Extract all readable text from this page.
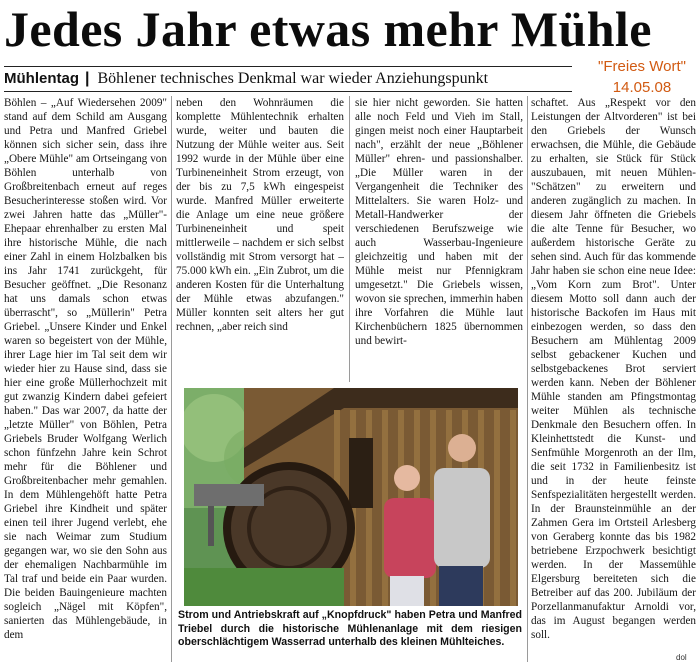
Jedes Jahr etwas mehr Mühle
"Freies Wort"
14.05.08
Mühlentag | Böhlener technisches Denkmal war wieder Anziehungspunkt

Böhlen – „Auf Wiedersehen 2009" stand auf dem Schild am Ausgang und Petra und Manfred Griebel können sich sicher sein, dass ihre „Obere Mühle" am Ortseingang von Böhlen unterhalb von Großbreitenbach erneut auf reges Besucherinteresse stoßen wird. Vor zwei Jahren hatte das „Müller"-Ehepaar ehrenhalber zu ersten Mal ihre historische Mühle, die nach einer Zahl in einem Holzbalken bis ins Jahr 1741 zurückgeht, für Besucher geöffnet. „Die Resonanz hat uns damals schon etwas überrascht", so „Müllerin" Petra Griebel. „Unsere Kinder und Enkel waren so begeistert von der Mühle, ihrer Lage hier im Tal seit dem wir wieder hier zu Hause sind, dass sie hier eine große Müllerhochzeit mit gut zwanzig Kindern dabei gefeiert haben." Das war 2007, da hatte der „letzte Müller" von Böhlen, Petra Griebels Bruder Wolfgang Werlich schon fünfzehn Jahre kein Schrot mehr für die Böhlener und Großbreitenbacher mehr gemahlen. In dem Mühlengehöft hatte Petra Griebel ihre Kindheit und später einen teil ihrer Jugend verlebt, ehe sie nach Weimar zum Studium gegangen war, wo sie den Sohn aus der ehemaligen Nachbarmühle im Tal traf und beide ein Paar wurden. Die beiden Bauingenieure machten sogleich „Nägel mit Köpfen", sanierten das Mühlengebäude, in dem

neben den Wohnräumen die komplette Mühlentechnik erhalten wurde, weiter und bauten die Nutzung der Mühle weiter aus. Seit 1992 wurde in der Mühle über eine Turbineneinheit Strom erzeugt, von der bis zu 7,5 kWh eingespeist wurde. Manfred Müller erweiterte die Anlage um eine neue größere Turbineneinheit und speit mittlerweile – nachdem er sich selbst vollständig mit Strom versorgt hat – 75.000 kWh ein. „Ein Zubrot, um die anderen Kosten für die Unterhaltung der Mühle etwas abzufangen." Müller konnten seit alters her gut rechnen, „aber reich sind

sie hier nicht geworden. Sie hatten alle noch Feld und Vieh im Stall, gingen meist noch einer Hauptarbeit nach", erzählt der neue „Böhlener Müller" ehren- und passionshalber. „Die Müller waren in der Vergangenheit die Techniker des Mittelalters. Sie waren Holz- und Metall-Handwerker der verschiedenen Berufszweige wie auch Wasserbau-Ingenieure gleichzeitig und haben mit der Mühle meist nur Pfennigkram umgesetzt." Die Griebels wissen, wovon sie sprechen, immerhin haben ihre Vorfahren die Mühle laut Kirchenbüchern 1825 übernommen und bewirt-

schaftet. Aus „Respekt vor den Leistungen der Altvorderen" ist bei den Griebels der Wunsch erwachsen, die Mühle, die Gebäude zu erhalten, sie Stück für Stück auszubauen, mit neuen Mühlen-"Schätzen" zu erweitern und anderen zugänglich zu machen. In diesem Jahr öffneten die Griebels die alte Tenne für Besucher, wo außerdem historische Geräte zu sehen sind. Auch für das kommende Jahr haben sie schon eine neue Idee: „Vom Korn zum Brot". Unter diesem Motto soll dann auch der historische Backofen im Haus mit einbezogen werden, so dass den Besuchern am Mühlentag 2009 selbst gebackener Kuchen und selbstgebackenes Brot serviert werden kann. Neben der Böhlener Mühle standen am Pfingstmontag weiter Mühlen als technische Denkmale den Besuchern offen. In Kleinhettstedt die Kunst- und Senfmühle Morgenroth an der Ilm, die seit 1732 in Familienbesitz ist und in der heute feinste Senfspezialitäten hergestellt werden. In der Braunsteinmühle an der Zahmen Gera im Ortsteil Arlesberg von Geraberg konnte das bis 1982 betriebene Erzpochwerk besichtigt werden. In der Massemühle Elgersburg bereiteten sich die Betreiber auf das 200. Jubiläum der Porzellanmanufaktur Arnoldi vor, das im August begangen werden soll.

Strom und Antriebskraft auf „Knopfdruck" haben Petra und Manfred Triebel durch die historische Mühlenanlage mit dem riesigen oberschlächtigem Wasserrad unterhalb des kleinen Mühlteiches.
dol
